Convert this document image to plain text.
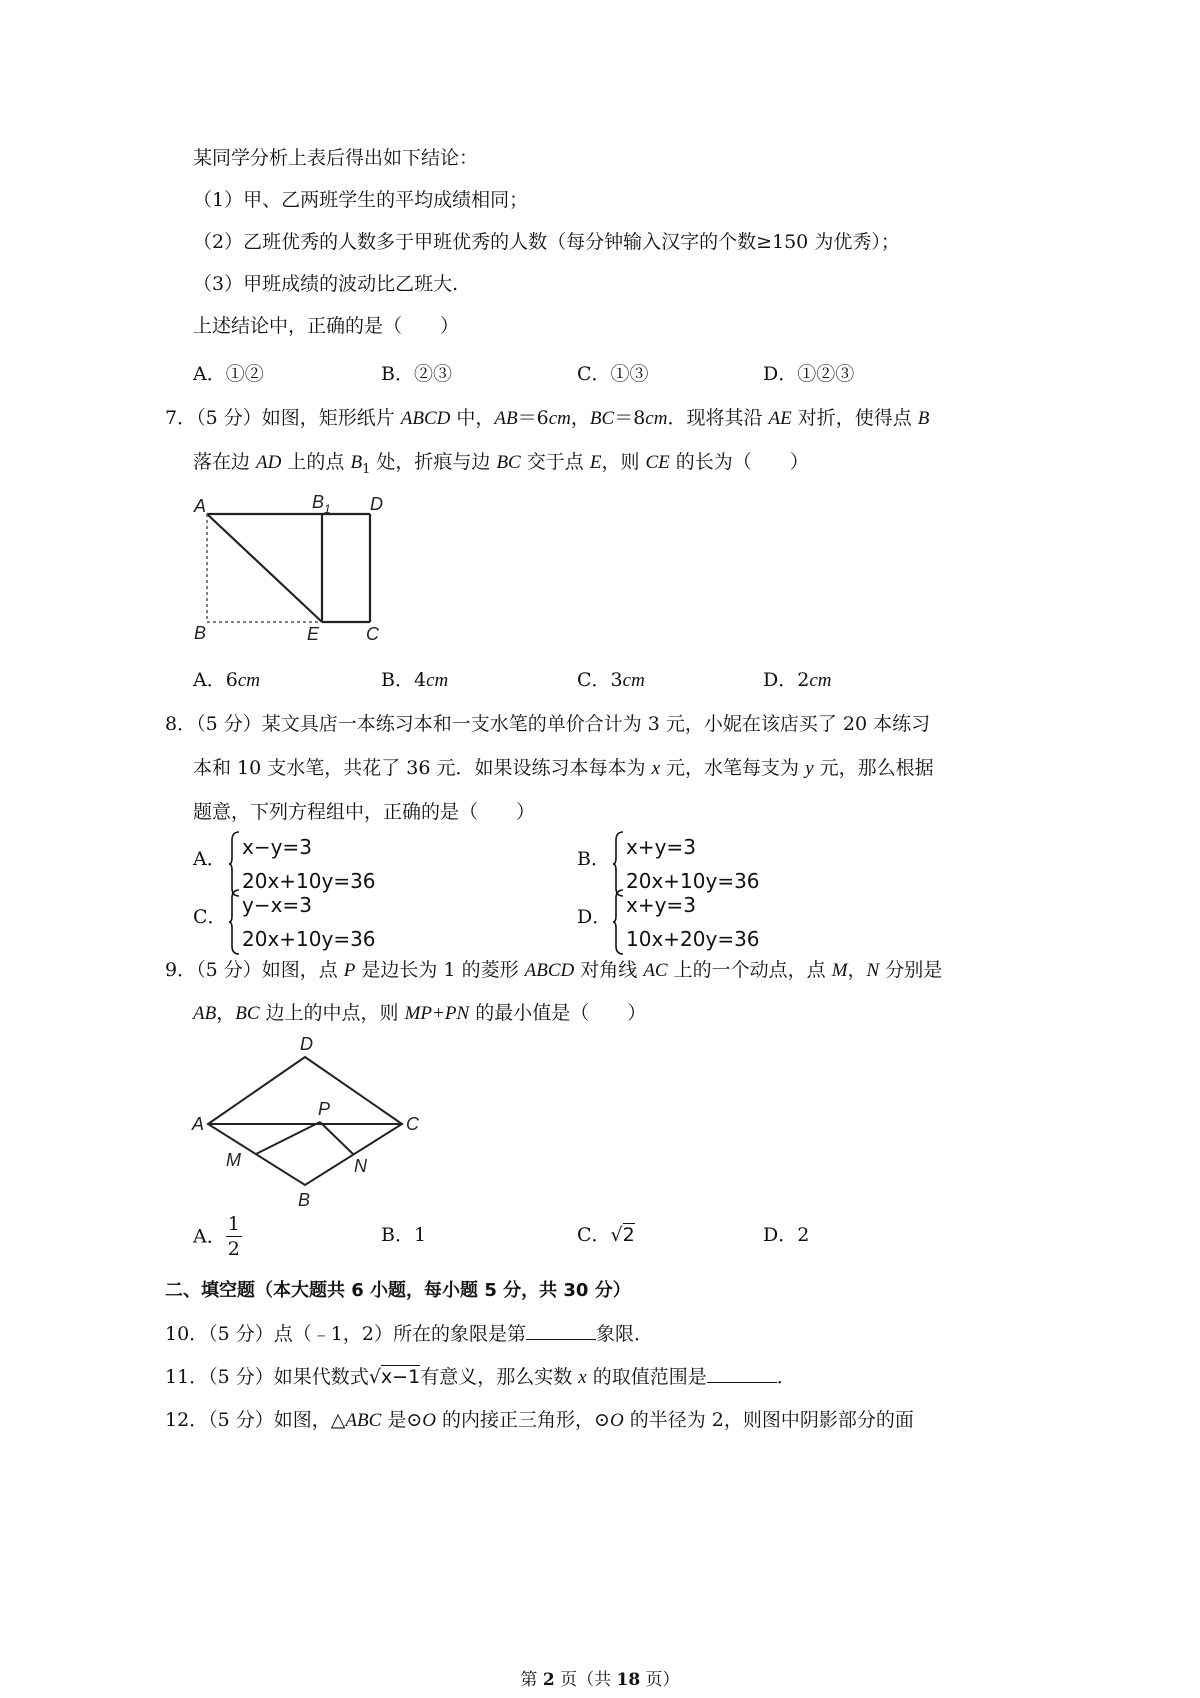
某同学分析上表后得出如下结论：
（1）甲、乙两班学生的平均成绩相同；
（2）乙班优秀的人数多于甲班优秀的人数（每分钟输入汉字的个数≥150 为优秀）；
（3）甲班成绩的波动比乙班大.
上述结论中，正确的是（　　）
A．①②	B．②③	C．①③	D．①②③
7．（5 分）如图，矩形纸片 ABCD 中，AB＝6cm，BC＝8cm．现将其沿 AE 对折，使得点 B
落在边 AD 上的点 $B_1$ 处，折痕与边 BC 交于点 E，则 CE 的长为（　　）
A	B 1 D
B	E	C
A．6cm	B．4cm	C．3cm	D．2cm
8．（5 分）某文具店一本练习本和一支水笔的单价合计为 3 元，小妮在该店买了 20 本练习
本和 10 支水笔，共花了 36 元．如果设练习本每本为 x 元，水笔每支为 y 元，那么根据
题意，下列方程组中，正确的是（　　）
A． x−y=3
20x+10y=36
B． x+y=3
20x+10y=36
C． y−x=3
20x+10y=36
D． x+y=3
10x+20y=36
9．（5 分）如图，点 P 是边长为 1 的菱形 ABCD 对角线 AC 上的一个动点，点 M，N 分别是
AB，BC 边上的中点，则 MP+PN 的最小值是（　　）
D
A
P
C
M	N
B
A． $\frac{1}{2}$	B．1	C．√2	D．2
二、填空题（本大题共 6 小题，每小题 5 分，共 30 分）
10．（5 分）点（﹣1，2）所在的象限是第	象限．
11．（5 分）如果代数式√x−1有意义，那么实数 x 的取值范围是	．
12．（5 分）如图，△ABC 是⊙O 的内接正三角形，⊙O 的半径为 2，则图中阴影部分的面
第 2 页（共 18 页）
